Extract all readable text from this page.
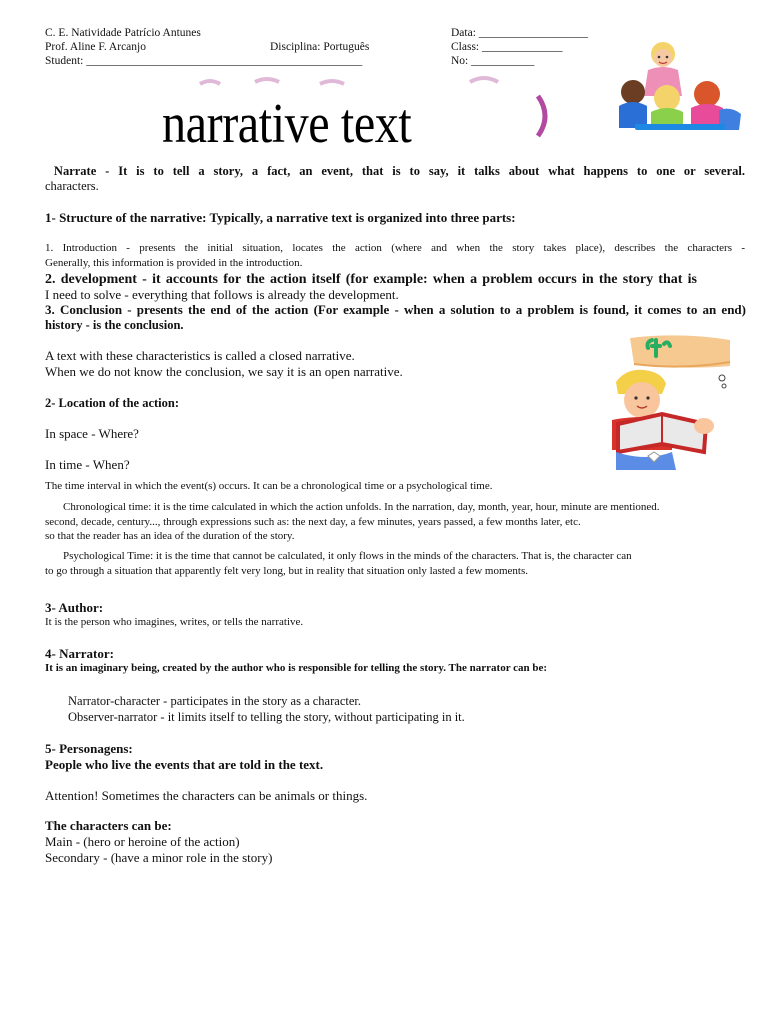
C. E. Natividade Patrício Antunes
Prof. Aline F. Arcanjo	Disciplina: Português
Student: ________________________________________________
Data: ___________________
Class: ______________
No: ___________
narrative text
Narrate - It is to tell a story, a fact, an event, that is to say, it talks about what happens to one or several.
characters.
1- Structure of the narrative: Typically, a narrative text is organized into three parts:
1. Introduction - presents the initial situation, locates the action (where and when the story takes place), describes the characters -
Generally, this information is provided in the introduction.
2. development - it accounts for the action itself (for example: when a problem occurs in the story that is
I need to solve - everything that follows is already the development.
3. Conclusion - presents the end of the action (For example - when a solution to a problem is found, it comes to an end)
history - is the conclusion.
A text with these characteristics is called a closed narrative.
When we do not know the conclusion, we say it is an open narrative.
2- Location of the action:
In space - Where?
In time - When?
The time interval in which the event(s) occurs. It can be a chronological time or a psychological time.
Chronological time: it is the time calculated in which the action unfolds. In the narration, day, month, year, hour, minute are mentioned.
second, decade, century..., through expressions such as: the next day, a few minutes, years passed, a few months later, etc.
so that the reader has an idea of the duration of the story.
Psychological Time: it is the time that cannot be calculated, it only flows in the minds of the characters. That is, the character can
to go through a situation that apparently felt very long, but in reality that situation only lasted a few moments.
3- Author:
It is the person who imagines, writes, or tells the narrative.
4- Narrator:
It is an imaginary being, created by the author who is responsible for telling the story. The narrator can be:
Narrator-character - participates in the story as a character.
Observer-narrator - it limits itself to telling the story, without participating in it.
5- Personagens:
People who live the events that are told in the text.
Attention! Sometimes the characters can be animals or things.
The characters can be:
Main - (hero or heroine of the action)
Secondary - (have a minor role in the story)
